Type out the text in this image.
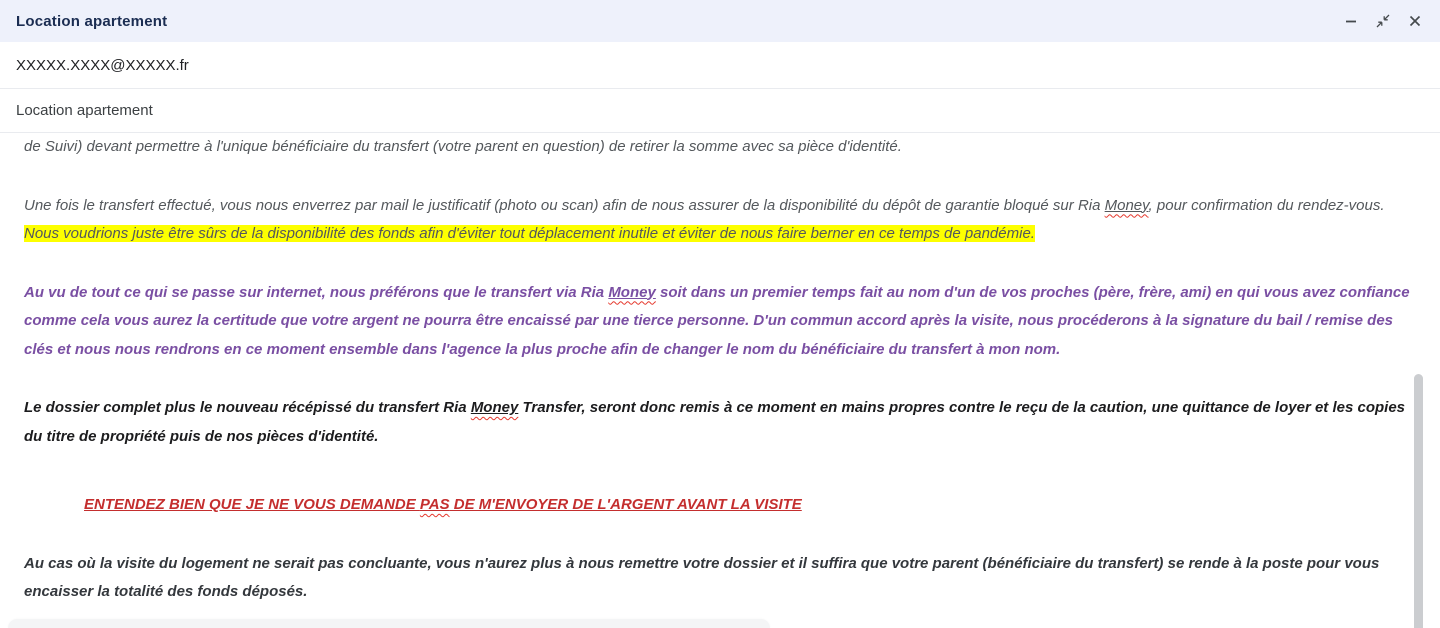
Location apartement
XXXXX.XXXX@XXXXX.fr
Location apartement
de Suivi) devant permettre à l'unique bénéficiaire du transfert (votre parent en question) de retirer la somme avec sa pièce d'identité.
Une fois le transfert effectué, vous nous enverrez par mail le justificatif (photo ou scan) afin de nous assurer de la disponibilité du dépôt de garantie bloqué sur Ria Money, pour confirmation du rendez-vous. Nous voudrions juste être sûrs de la disponibilité des fonds afin d'éviter tout déplacement inutile et éviter de nous faire berner en ce temps de pandémie.
Au vu de tout ce qui se passe sur internet, nous préférons que le transfert via Ria Money soit dans un premier temps fait au nom d'un de vos proches (père, frère, ami) en qui vous avez confiance comme cela vous aurez la certitude que votre argent ne pourra être encaissé par une tierce personne. D'un commun accord après la visite, nous procéderons à la signature du bail / remise des clés et nous nous rendrons en ce moment ensemble dans l'agence la plus proche afin de changer le nom du bénéficiaire du transfert à mon nom.
Le dossier complet plus le nouveau récépissé du transfert Ria Money Transfer, seront donc remis à ce moment en mains propres contre le reçu de la caution, une quittance de loyer et les copies du titre de propriété puis de nos pièces d'identité.
ENTENDEZ BIEN QUE JE NE VOUS DEMANDE PAS DE M'ENVOYER DE L'ARGENT AVANT LA VISITE
Au cas où la visite du logement ne serait pas concluante, vous n'aurez plus à nous remettre votre dossier et il suffira que votre parent (bénéficiaire du transfert) se rende à la poste pour vous encaisser la totalité des fonds déposés.
